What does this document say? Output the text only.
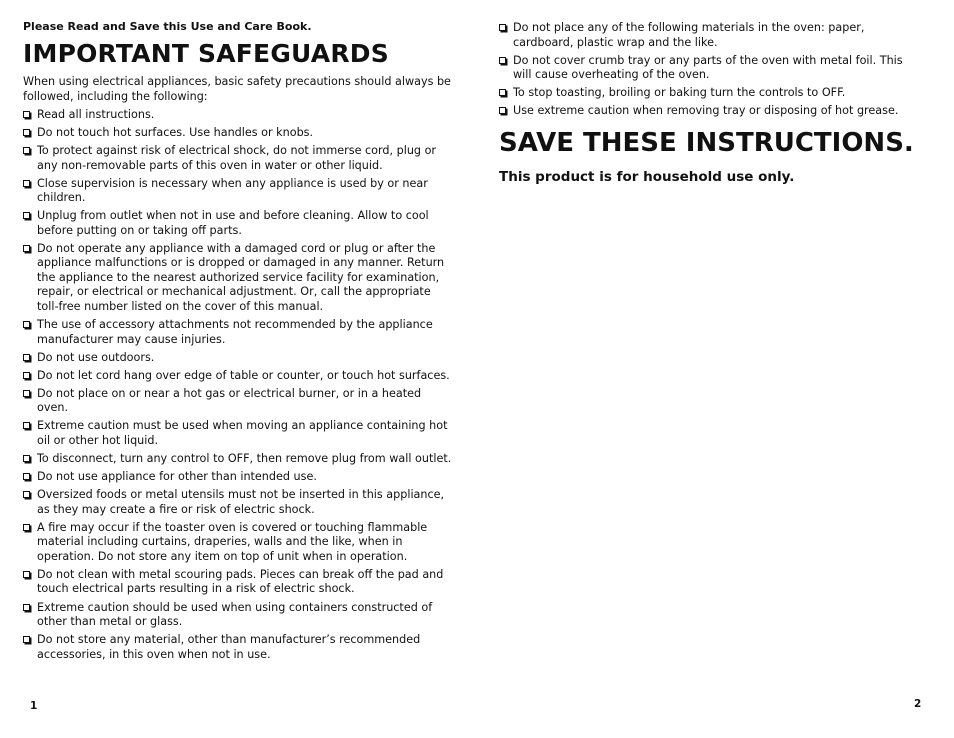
Please Read and Save this Use and Care Book.
IMPORTANT SAFEGUARDS

When using electrical appliances, basic safety precautions should always be followed, including the following:

Read all instructions.
Do not touch hot surfaces. Use handles or knobs.
To protect against risk of electrical shock, do not immerse cord, plug or any non-removable parts of this oven in water or other liquid.
Close supervision is necessary when any appliance is used by or near children.
Unplug from outlet when not in use and before cleaning. Allow to cool before putting on or taking off parts.
Do not operate any appliance with a damaged cord or plug or after the appliance malfunctions or is dropped or damaged in any manner. Return the appliance to the nearest authorized service facility for examination, repair, or electrical or mechanical adjustment. Or, call the appropriate toll-free number listed on the cover of this manual.
The use of accessory attachments not recommended by the appliance manufacturer may cause injuries.
Do not use outdoors.
Do not let cord hang over edge of table or counter, or touch hot surfaces.
Do not place on or near a hot gas or electrical burner, or in a heated oven.
Extreme caution must be used when moving an appliance containing hot oil or other hot liquid.
To disconnect, turn any control to OFF, then remove plug from wall outlet.
Do not use appliance for other than intended use.
Oversized foods or metal utensils must not be inserted in this appliance, as they may create a fire or risk of electric shock.
A fire may occur if the toaster oven is covered or touching flammable material including curtains, draperies, walls and the like, when in operation. Do not store any item on top of unit when in operation.
Do not clean with metal scouring pads. Pieces can break off the pad and touch electrical parts resulting in a risk of electric shock.
Extreme caution should be used when using containers constructed of other than metal or glass.
Do not store any material, other than manufacturer’s recommended accessories, in this oven when not in use.
1
Do not place any of the following materials in the oven: paper, cardboard, plastic wrap and the like.
Do not cover crumb tray or any parts of the oven with metal foil. This will cause overheating of the oven.
To stop toasting, broiling or baking turn the controls to OFF.
Use extreme caution when removing tray or disposing of hot grease.
SAVE THESE INSTRUCTIONS.

This product is for household use only.

2
